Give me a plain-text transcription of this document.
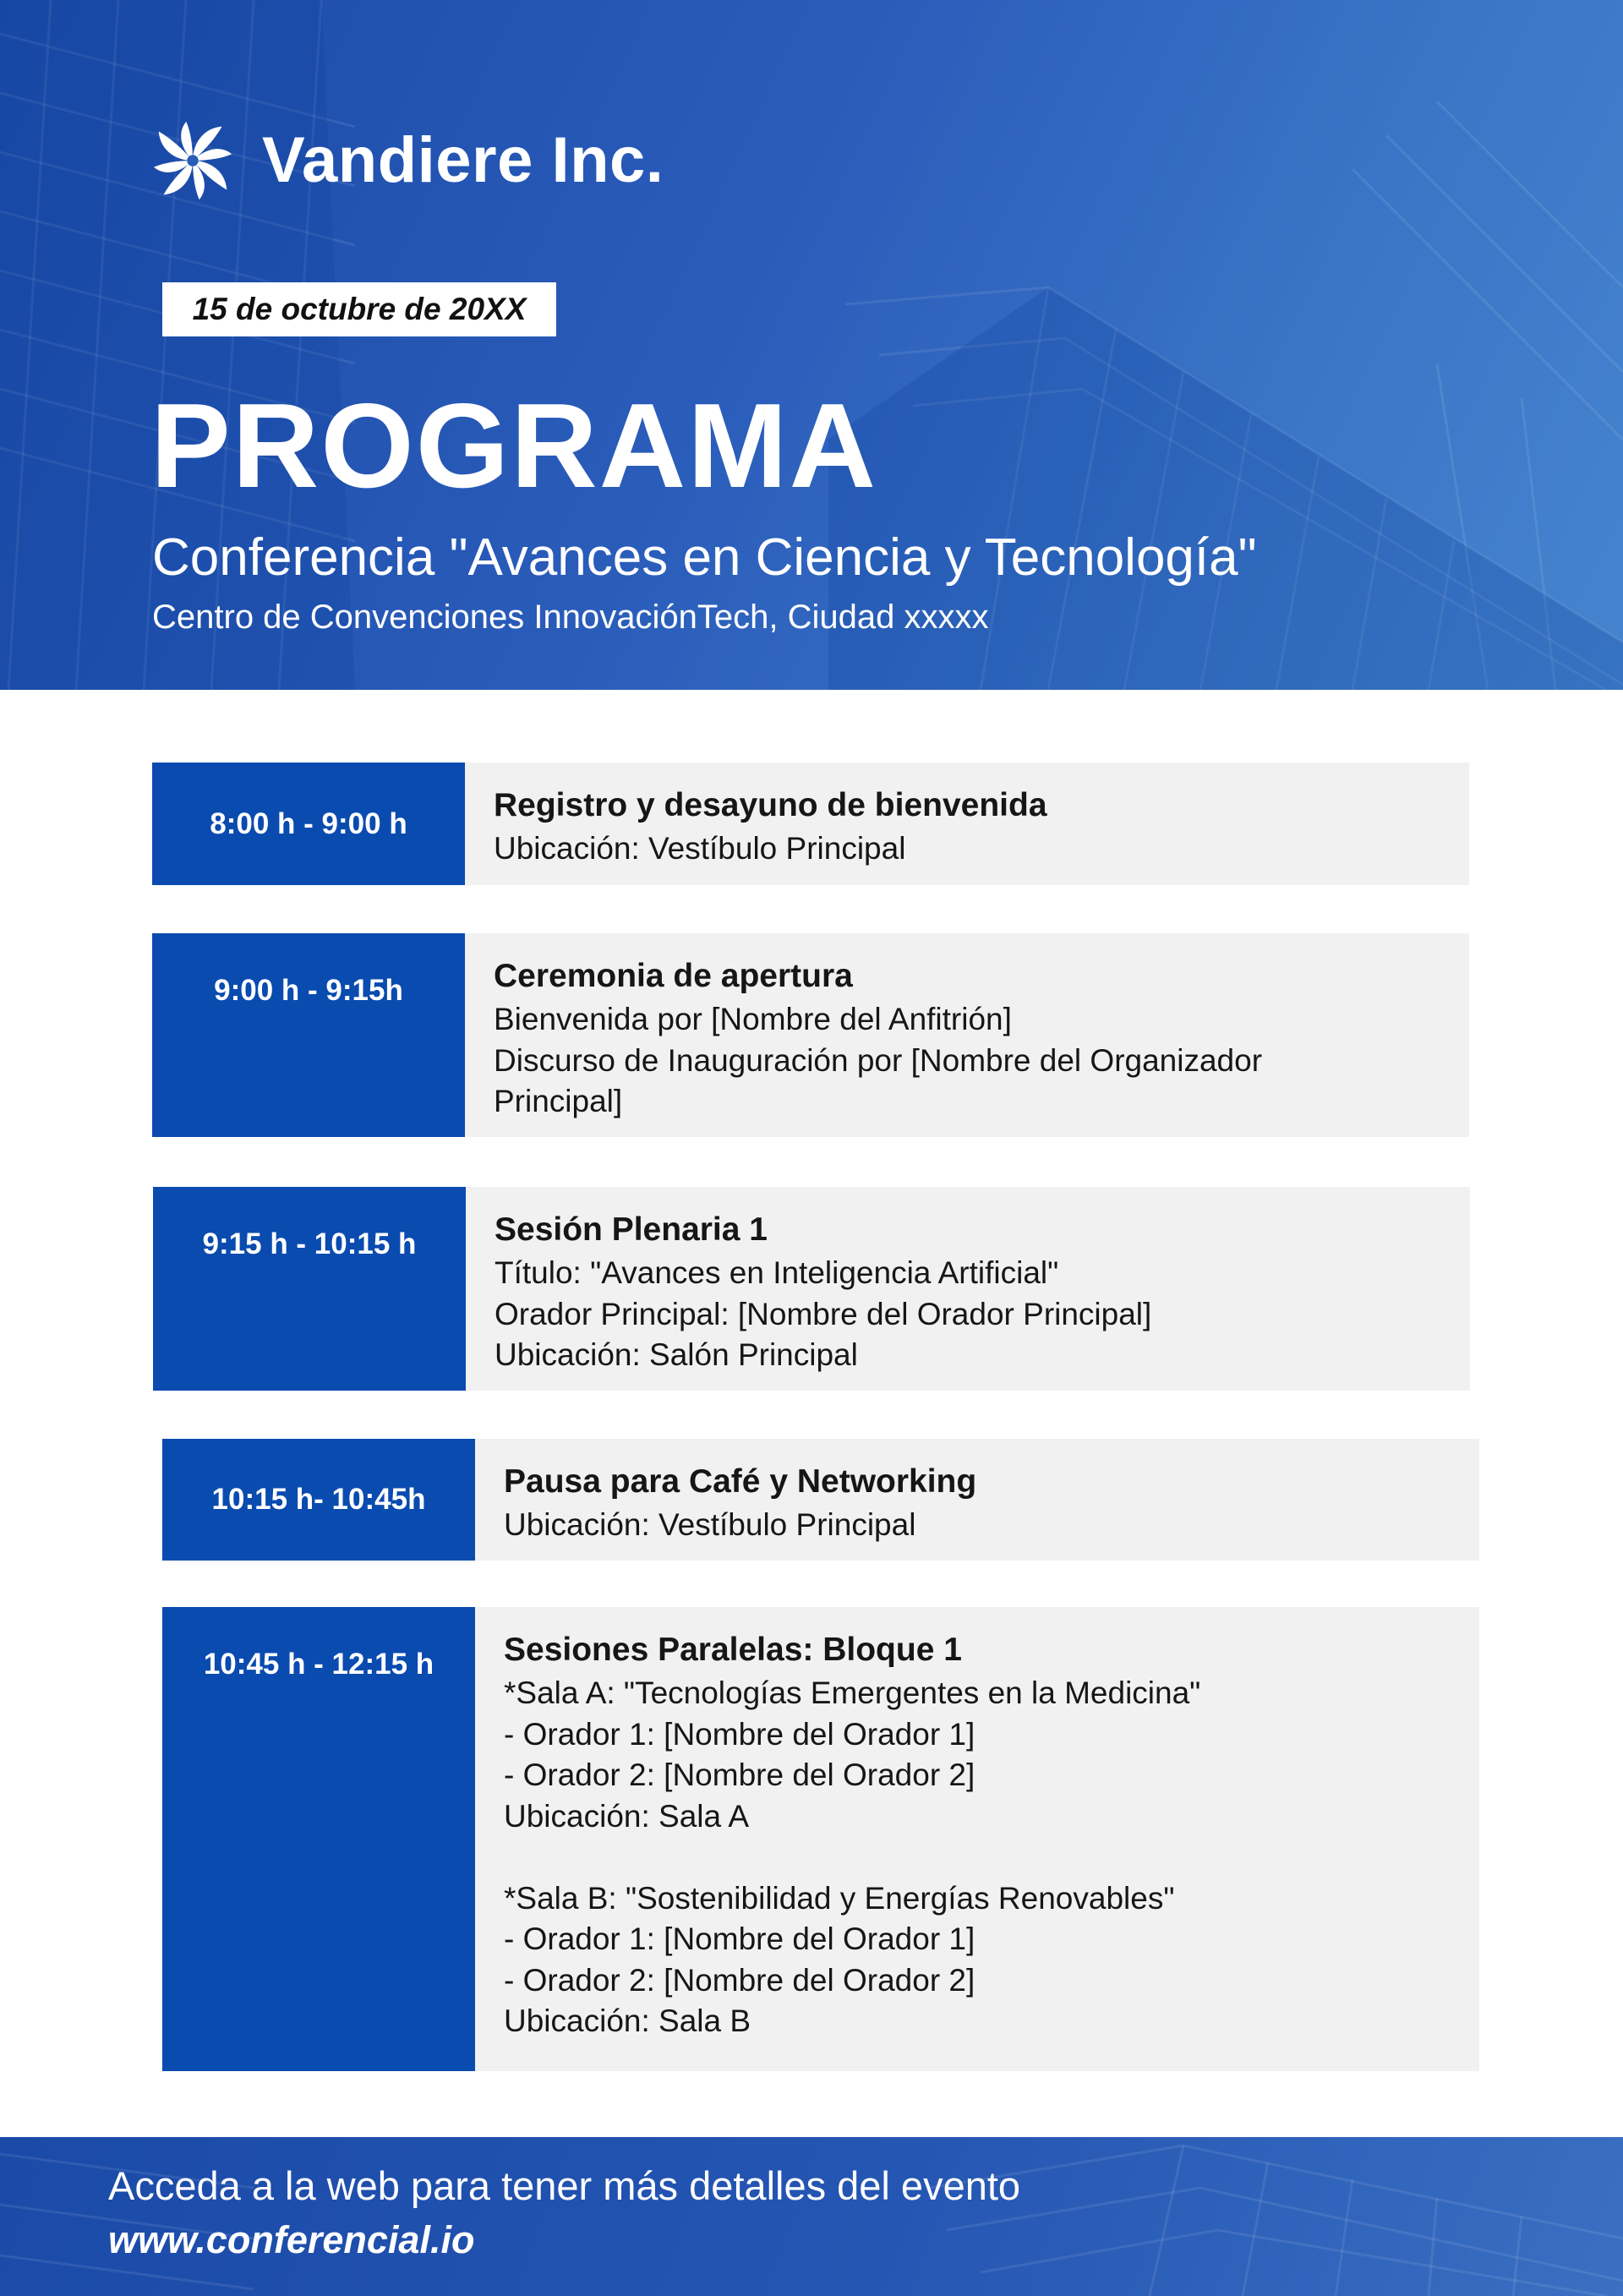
Vandiere Inc.
15 de octubre de 20XX
PROGRAMA
Conferencia "Avances en Ciencia y Tecnología"
Centro de Convenciones InnovaciónTech, Ciudad xxxxx
8:00 h - 9:00 h	Registro y desayuno de bienvenida
Ubicación: Vestíbulo Principal
9:00 h - 9:15h	Ceremonia de apertura
Bienvenida por [Nombre del Anfitrión]
Discurso de Inauguración por [Nombre del Organizador
Principal]
9:15 h - 10:15 h	Sesión Plenaria 1
Título: "Avances en Inteligencia Artificial"
Orador Principal: [Nombre del Orador Principal]
Ubicación: Salón Principal
10:15 h- 10:45h	Pausa para Café y Networking
Ubicación: Vestíbulo Principal
10:45 h - 12:15 h	Sesiones Paralelas: Bloque 1
*Sala A: "Tecnologías Emergentes en la Medicina"
- Orador 1: [Nombre del Orador 1]
- Orador 2: [Nombre del Orador 2]
Ubicación: Sala A
*Sala B: "Sostenibilidad y Energías Renovables"
- Orador 1: [Nombre del Orador 1]
- Orador 2: [Nombre del Orador 2]
Ubicación: Sala B
Acceda a la web para tener más detalles del evento
www.conferencial.io
